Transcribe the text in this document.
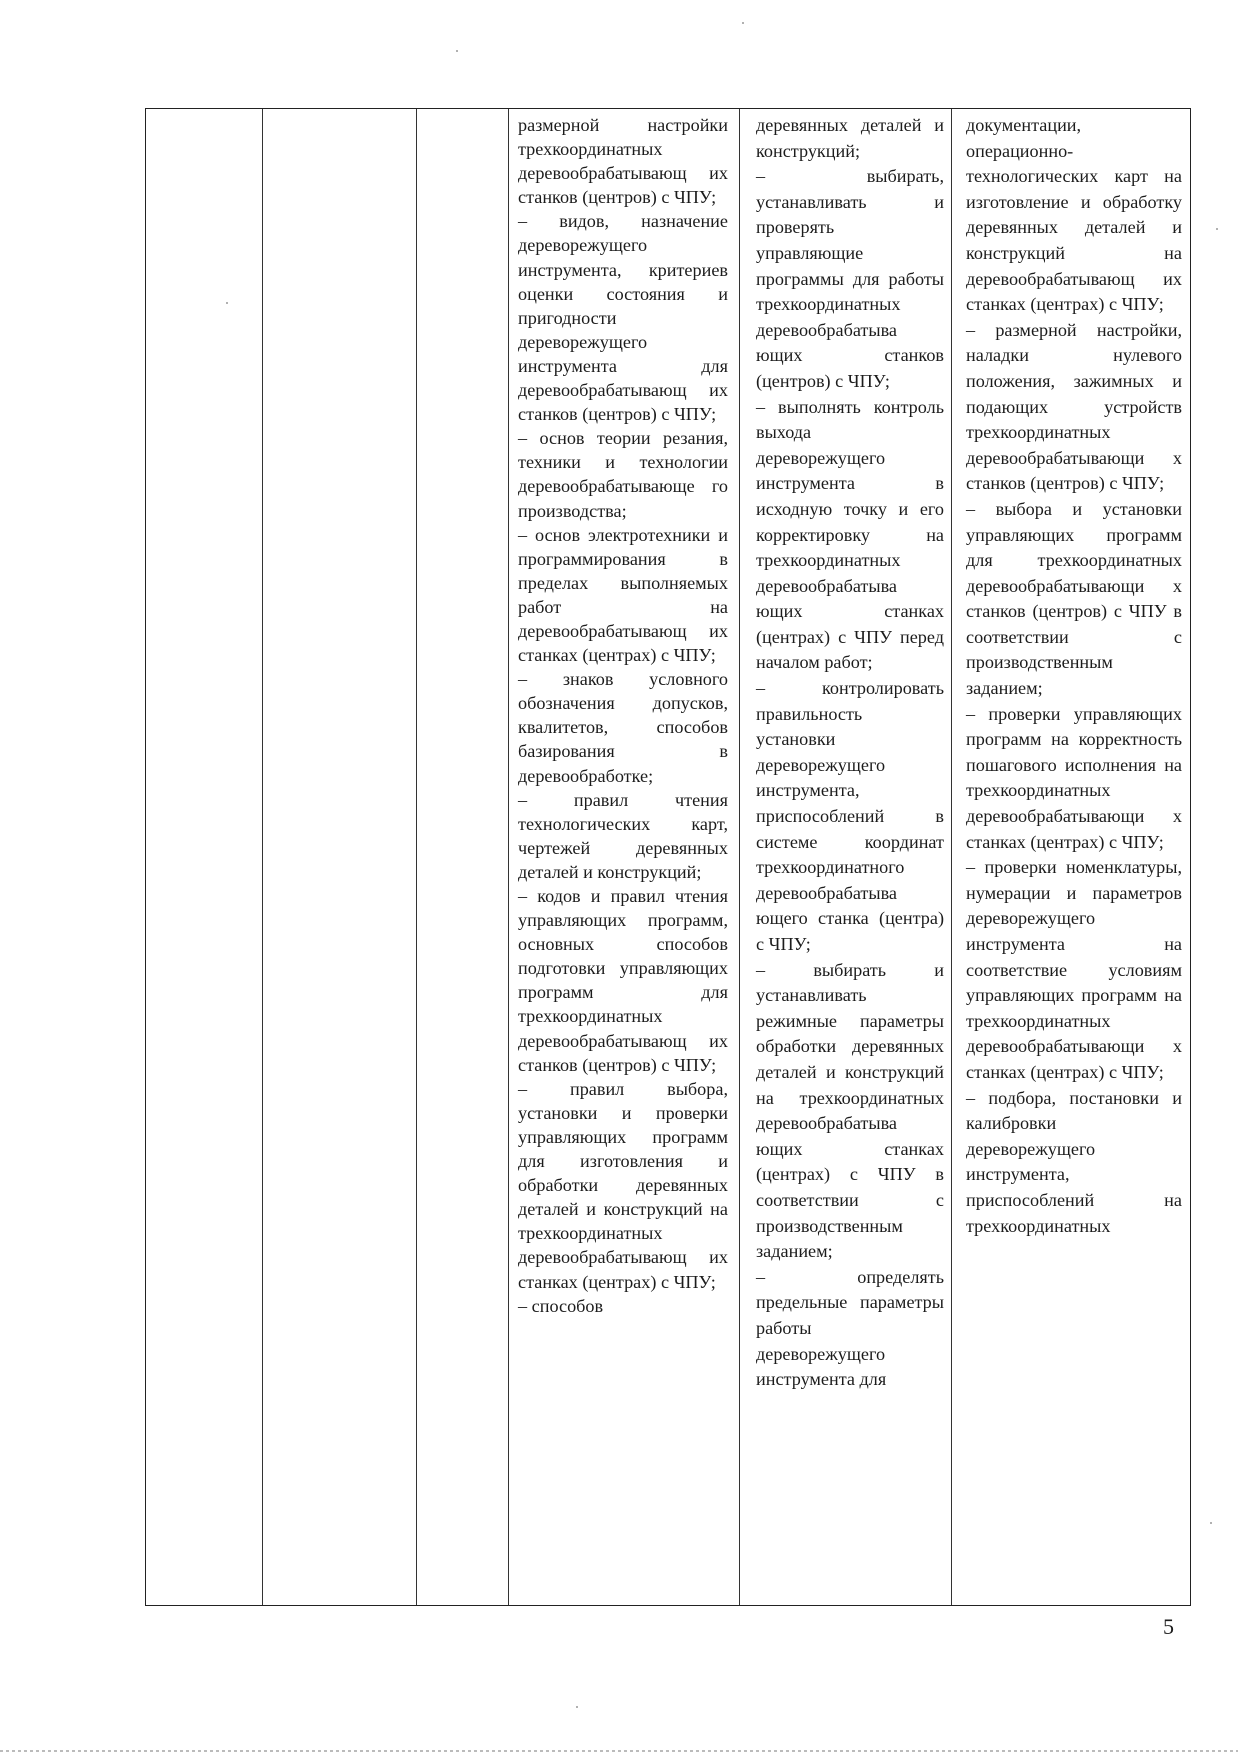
размерной настройки трехкоординатных деревообрабатывающ их станков (центров) с ЧПУ;

– видов, назначение дереворежущего инструмента, критериев оценки состояния и пригодности дереворежущего инструмента для деревообрабатывающ их станков (центров) с ЧПУ;

– основ теории резания, техники и технологии деревообрабатывающе го производства;

– основ электротехники и программирования в пределах выполняемых работ на деревообрабатывающ их станках (центрах) с ЧПУ;

– знаков условного обозначения допусков, квалитетов, способов базирования в деревообработке;

– правил чтения технологических карт, чертежей деревянных деталей и конструкций;

– кодов и правил чтения управляющих программ, основных способов подготовки управляющих программ для трехкоординатных деревообрабатывающ их станков (центров) с ЧПУ;

– правил выбора, установки и проверки управляющих программ для изготовления и обработки деревянных деталей и конструкций на трехкоординатных деревообрабатывающ их станках (центрах) с ЧПУ;

– способов

деревянных деталей и конструкций;

– выбирать, устанавливать и проверять управляющие программы для работы трехкоординатных деревообрабатыва ющих станков (центров) с ЧПУ;

– выполнять контроль выхода дереворежущего инструмента в исходную точку и его корректировку на трехкоординатных деревообрабатыва ющих станках (центрах) с ЧПУ перед началом работ;

– контролировать правильность установки дереворежущего инструмента, приспособлений в системе координат трехкоординатного деревообрабатыва ющего станка (центра) с ЧПУ;

– выбирать и устанавливать режимные параметры обработки деревянных деталей и конструкций на трехкоординатных деревообрабатыва ющих станках (центрах) с ЧПУ в соответствии с производственным заданием;

– определять предельные параметры работы дереворежущего инструмента для

документации, операционно-технологических карт на изготовление и обработку деревянных деталей и конструкций на деревообрабатывающ их станках (центрах) с ЧПУ;

– размерной настройки, наладки нулевого положения, зажимных и подающих устройств трехкоординатных деревообрабатывающи х станков (центров) с ЧПУ;

– выбора и установки управляющих программ для трехкоординатных деревообрабатывающи х станков (центров) с ЧПУ в соответствии с производственным заданием;

– проверки управляющих программ на корректность пошагового исполнения на трехкоординатных деревообрабатывающи х станках (центрах) с ЧПУ;

– проверки номенклатуры, нумерации и параметров дереворежущего инструмента на соответствие условиям управляющих программ на трехкоординатных деревообрабатывающи х станках (центрах) с ЧПУ;

– подбора, постановки и калибровки дереворежущего инструмента, приспособлений на трехкоординатных

5
